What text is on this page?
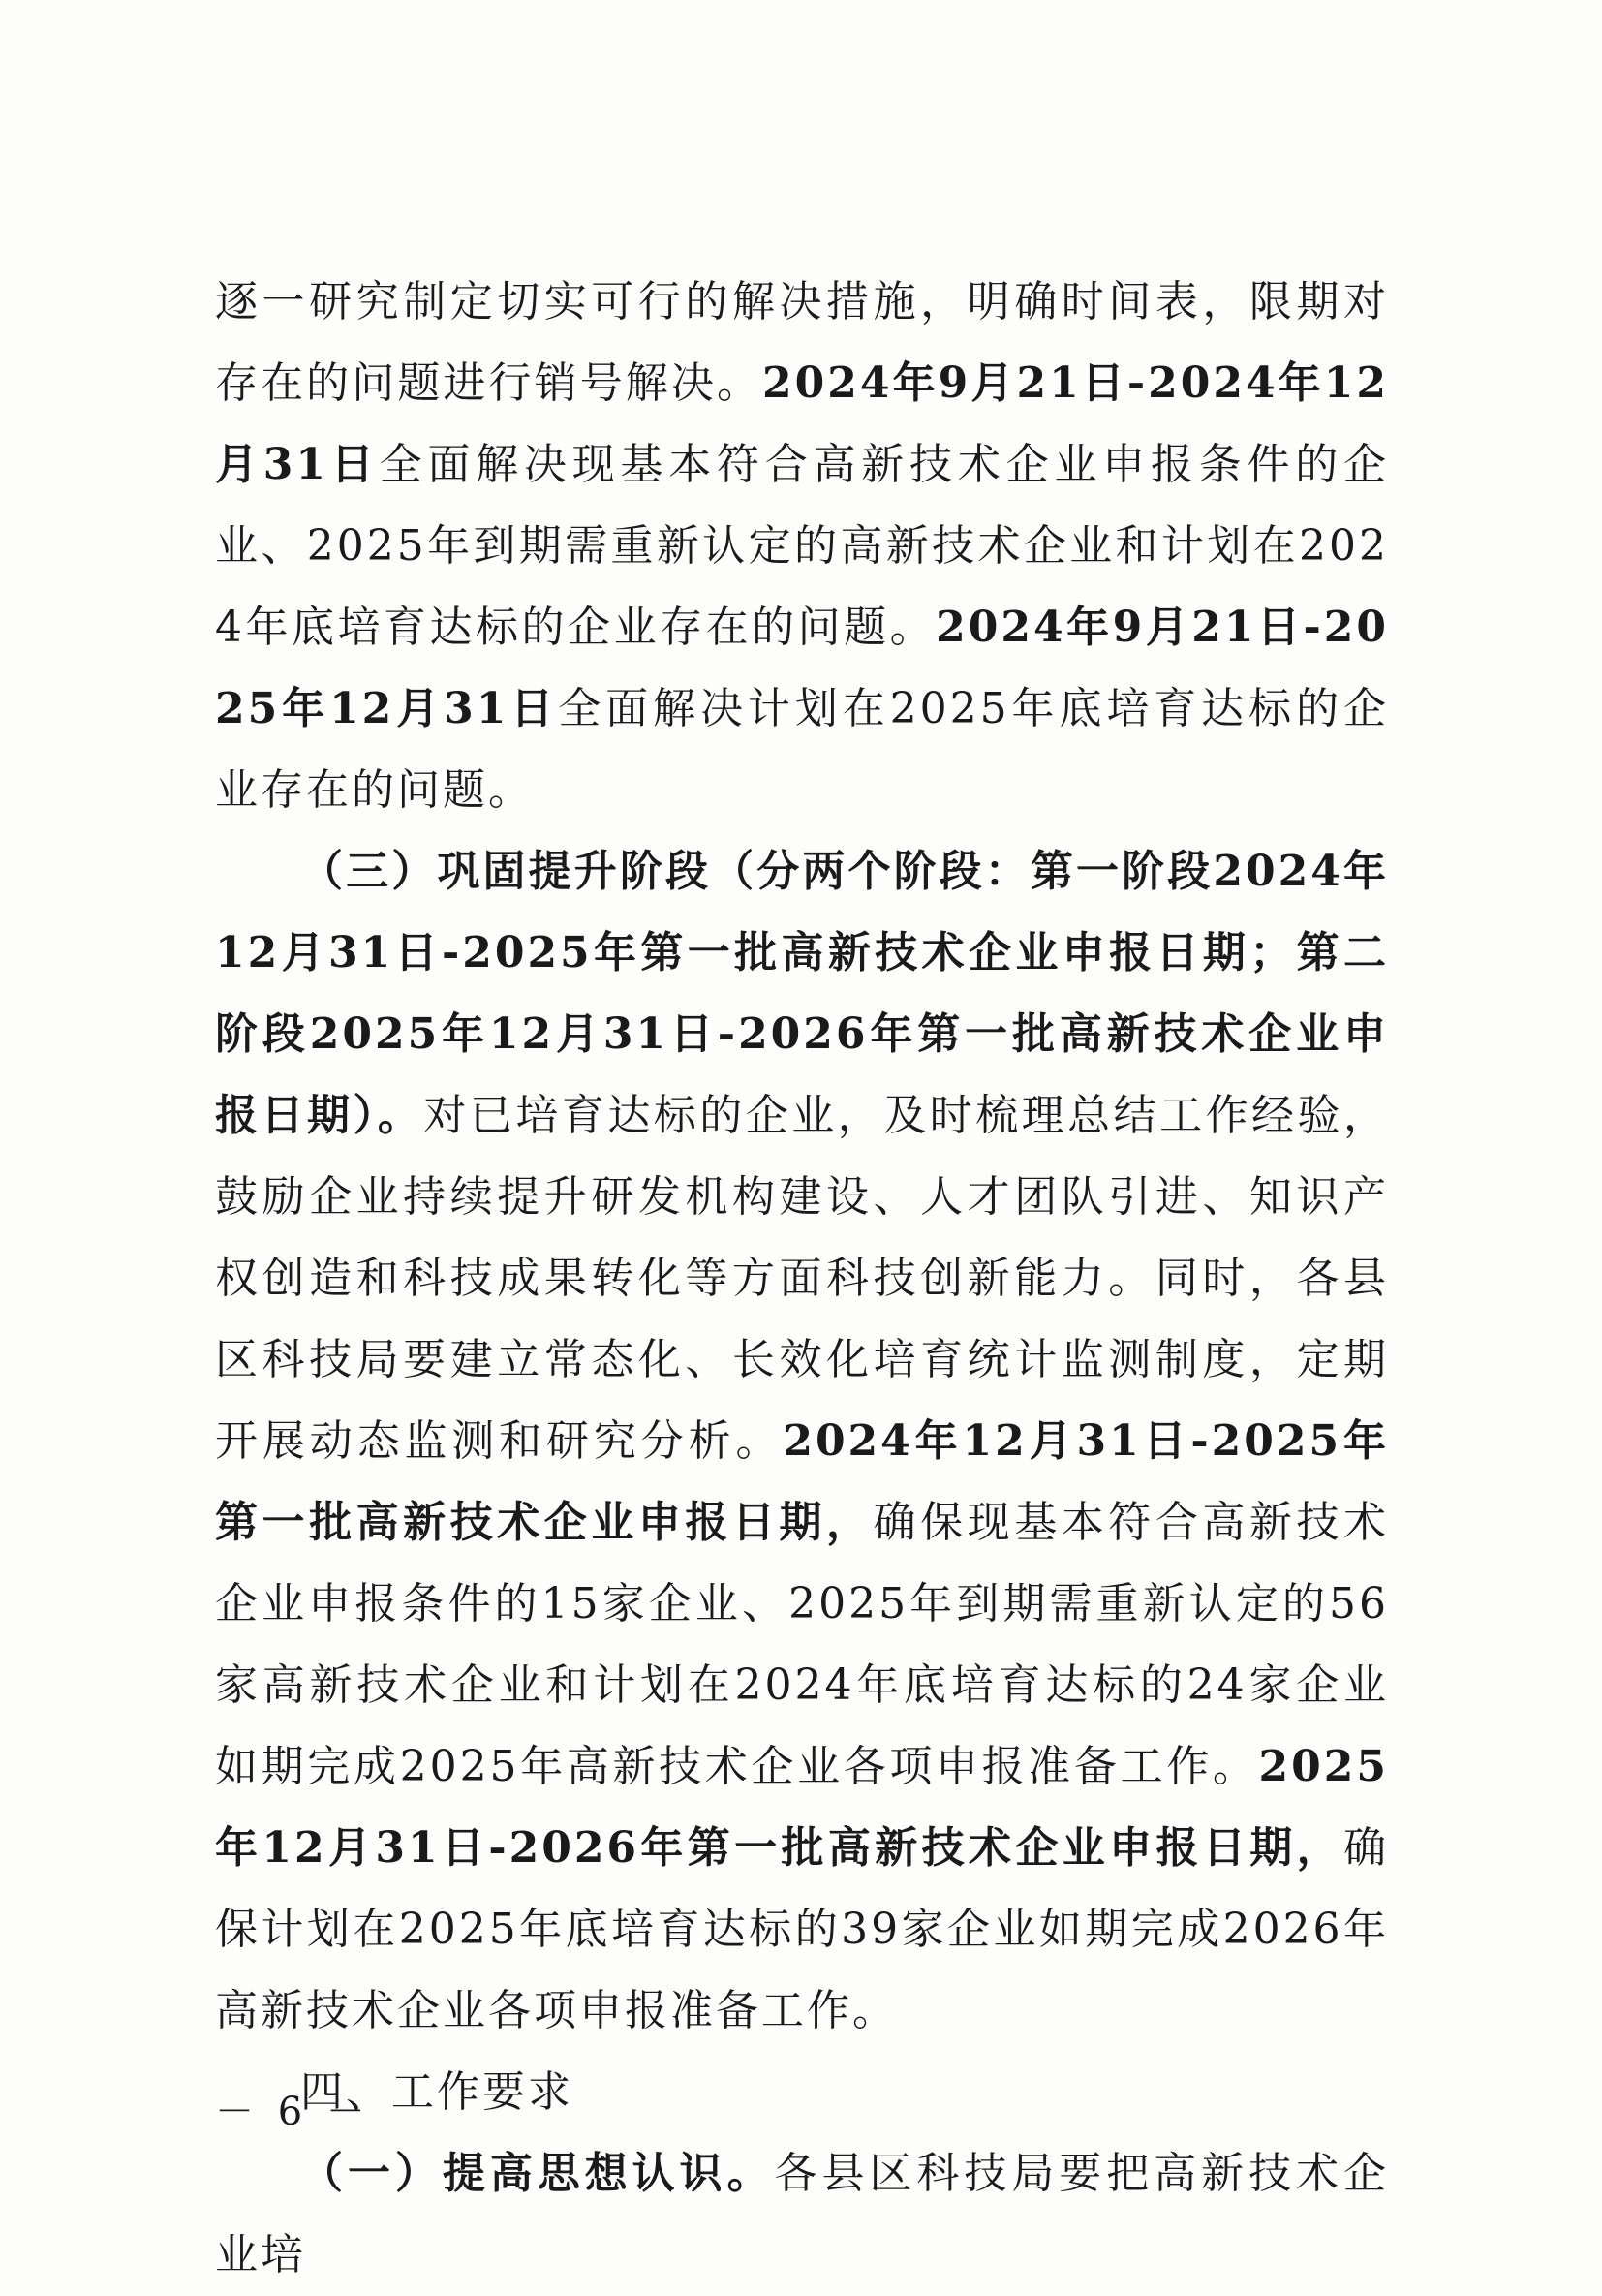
逐一研究制定切实可行的解决措施，明确时间表，限期对存在的问题进行销号解决。2024年9月21日-2024年12月31日全面解决现基本符合高新技术企业申报条件的企业、2025年到期需重新认定的高新技术企业和计划在2024年底培育达标的企业存在的问题。2024年9月21日-2025年12月31日全面解决计划在2025年底培育达标的企业存在的问题。

（三）巩固提升阶段（分两个阶段：第一阶段2024年12月31日-2025年第一批高新技术企业申报日期；第二阶段2025年12月31日-2026年第一批高新技术企业申报日期）。对已培育达标的企业，及时梳理总结工作经验，鼓励企业持续提升研发机构建设、人才团队引进、知识产权创造和科技成果转化等方面科技创新能力。同时，各县区科技局要建立常态化、长效化培育统计监测制度，定期开展动态监测和研究分析。2024年12月31日-2025年第一批高新技术企业申报日期，确保现基本符合高新技术企业申报条件的15家企业、2025年到期需重新认定的56家高新技术企业和计划在2024年底培育达标的24家企业如期完成2025年高新技术企业各项申报准备工作。2025年12月31日-2026年第一批高新技术企业申报日期，确保计划在2025年底培育达标的39家企业如期完成2026年高新技术企业各项申报准备工作。

四、工作要求

（一）提高思想认识。各县区科技局要把高新技术企业培

－ 6 －
